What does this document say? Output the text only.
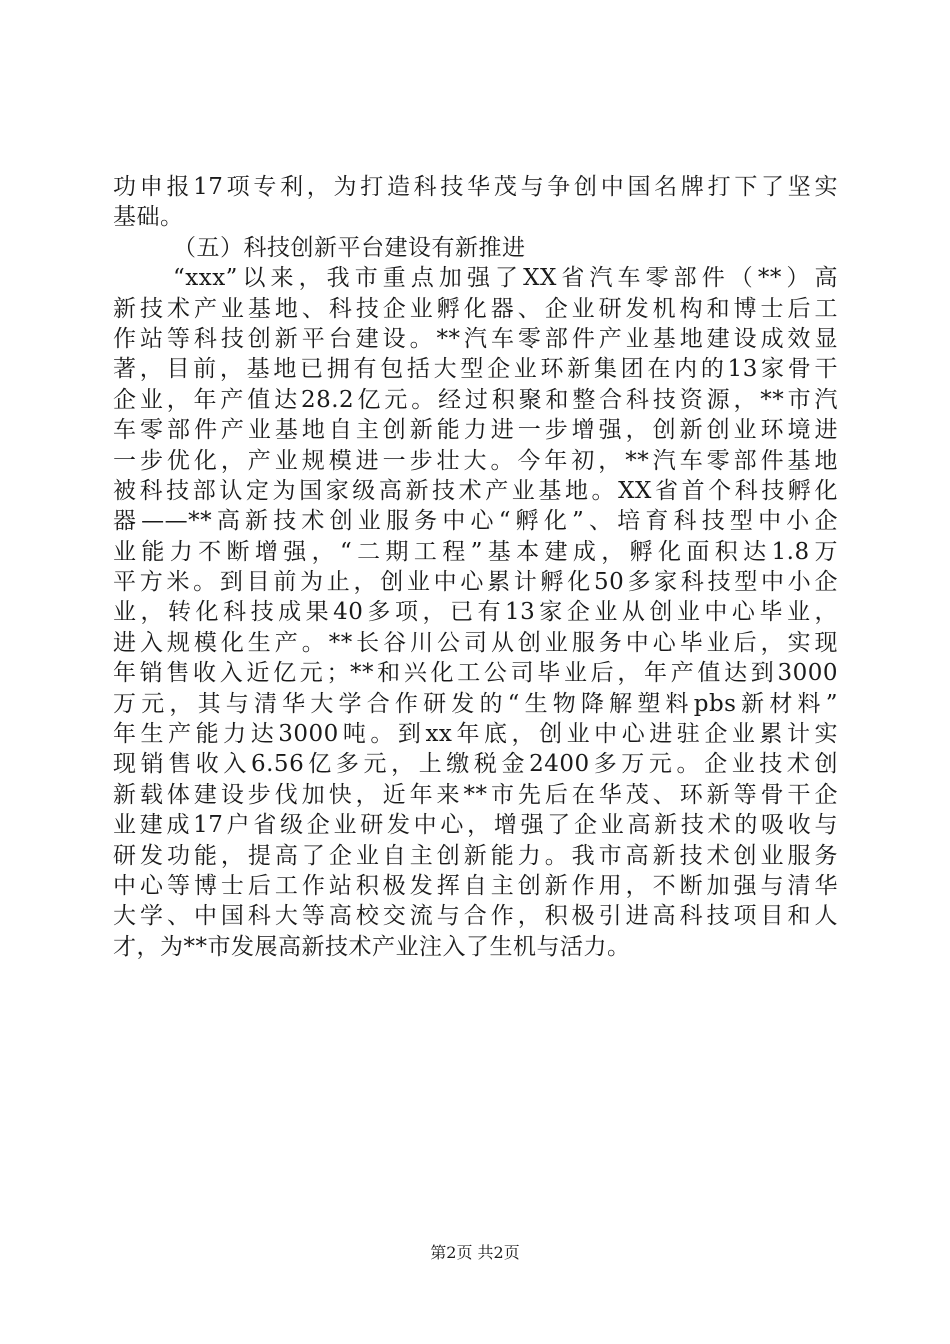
功申报17项专利，为打造科技华茂与争创中国名牌打下了坚实
基础。
（五）科技创新平台建设有新推进
“xxx”以来，我市重点加强了XX省汽车零部件（**）高
新技术产业基地、科技企业孵化器、企业研发机构和博士后工
作站等科技创新平台建设。**汽车零部件产业基地建设成效显
著，目前，基地已拥有包括大型企业环新集团在内的13家骨干
企业，年产值达28.2亿元。经过积聚和整合科技资源，**市汽
车零部件产业基地自主创新能力进一步增强，创新创业环境进
一步优化，产业规模进一步壮大。今年初，**汽车零部件基地
被科技部认定为国家级高新技术产业基地。XX省首个科技孵化
器——**高新技术创业服务中心“孵化”、培育科技型中小企
业能力不断增强，“二期工程”基本建成，孵化面积达1.8万
平方米。到目前为止，创业中心累计孵化50多家科技型中小企
业，转化科技成果40多项，已有13家企业从创业中心毕业，
进入规模化生产。**长谷川公司从创业服务中心毕业后，实现
年销售收入近亿元；**和兴化工公司毕业后，年产值达到3000
万元，其与清华大学合作研发的“生物降解塑料pbs新材料”
年生产能力达3000吨。到xx年底，创业中心进驻企业累计实
现销售收入6.56亿多元，上缴税金2400多万元。企业技术创
新载体建设步伐加快，近年来**市先后在华茂、环新等骨干企
业建成17户省级企业研发中心，增强了企业高新技术的吸收与
研发功能，提高了企业自主创新能力。我市高新技术创业服务
中心等博士后工作站积极发挥自主创新作用，不断加强与清华
大学、中国科大等高校交流与合作，积极引进高科技项目和人
才，为**市发展高新技术产业注入了生机与活力。
第2页 共2页
